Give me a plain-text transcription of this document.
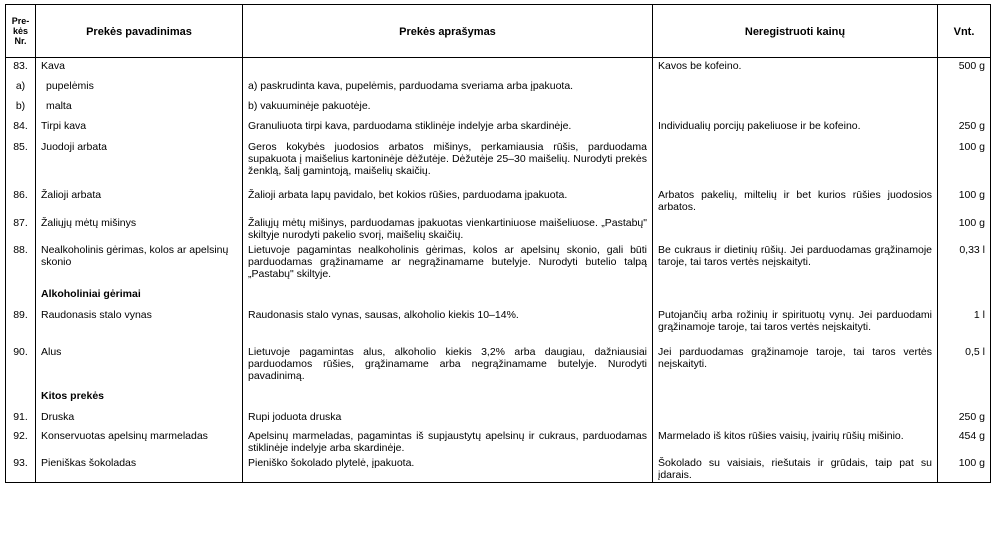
Pre-kės Nr.	Prekės pavadinimas	Prekės aprašymas	Neregistruoti kainų	Vnt.
83.	Kava		Kavos be kofeino.	500 g
a)	pupelėmis	a) paskrudinta kava, pupelėmis, parduodama sveriama arba įpakuota.		
b)	malta	b) vakuuminėje pakuotėje.		
84.	Tirpi kava	Granuliuota tirpi kava, parduodama stiklinėje indelyje arba skardinėje.	Individualių porcijų pakeliuose ir be kofeino.	250 g
85.	Juodoji arbata	Geros kokybės juodosios arbatos mišinys, perkamiausia rūšis, parduodama supakuota į maišelius kartoninėje dėžutėje. Dėžutėje 25–30 maišelių. Nurodyti prekės ženklą, šalį gamintoją, maišelių skaičių.		100 g
86.	Žalioji arbata	Žalioji arbata lapų pavidalo, bet kokios rūšies, parduodama įpakuota.	Arbatos pakelių, miltelių ir bet kurios rūšies juodosios arbatos.	100 g
87.	Žaliųjų mėtų mišinys	Žaliųjų mėtų mišinys, parduodamas įpakuotas vienkartiniuose maišeliuose. „Pastabų" skiltyje nurodyti pakelio svorį, maišelių skaičių.		100 g
88.	Nealkoholinis gėrimas, kolos ar apelsinų skonio	Lietuvoje pagamintas nealkoholinis gėrimas, kolos ar apelsinų skonio, gali būti parduodamas grąžinamame ar negrąžinamame butelyje. Nurodyti butelio talpą „Pastabų" skiltyje.	Be cukraus ir dietinių rūšių. Jei parduodamas grąžinamoje taroje, tai taros vertės neįskaityti.	0,33 l
	Alkoholiniai gėrimai			
89.	Raudonasis stalo vynas	Raudonasis stalo vynas, sausas, alkoholio kiekis 10–14%.	Putojančių arba rožinių ir spirituotų vynų. Jei parduodami grąžinamoje taroje, tai taros vertės neįskaityti.	1 l
90.	Alus	Lietuvoje pagamintas alus, alkoholio kiekis 3,2% arba daugiau, dažniausiai parduodamos rūšies, grąžinamame arba negrąžinamame butelyje. Nurodyti pavadinimą.	Jei parduodamas grąžinamoje taroje, tai taros vertės neįskaityti.	0,5 l
	Kitos prekės			
91.	Druska	Rupi joduota druska		250 g
92.	Konservuotas apelsinų marmeladas	Apelsinų marmeladas, pagamintas iš supjaustytų apelsinų ir cukraus, parduodamas stiklinėje indelyje arba skardinėje.	Marmelado iš kitos rūšies vaisių, įvairių rūšių mišinio.	454 g
93.	Pieniškas šokoladas	Pieniško šokolado plytelė, įpakuota.	Šokolado su vaisiais, riešutais ir grūdais, taip pat su įdarais.	100 g
